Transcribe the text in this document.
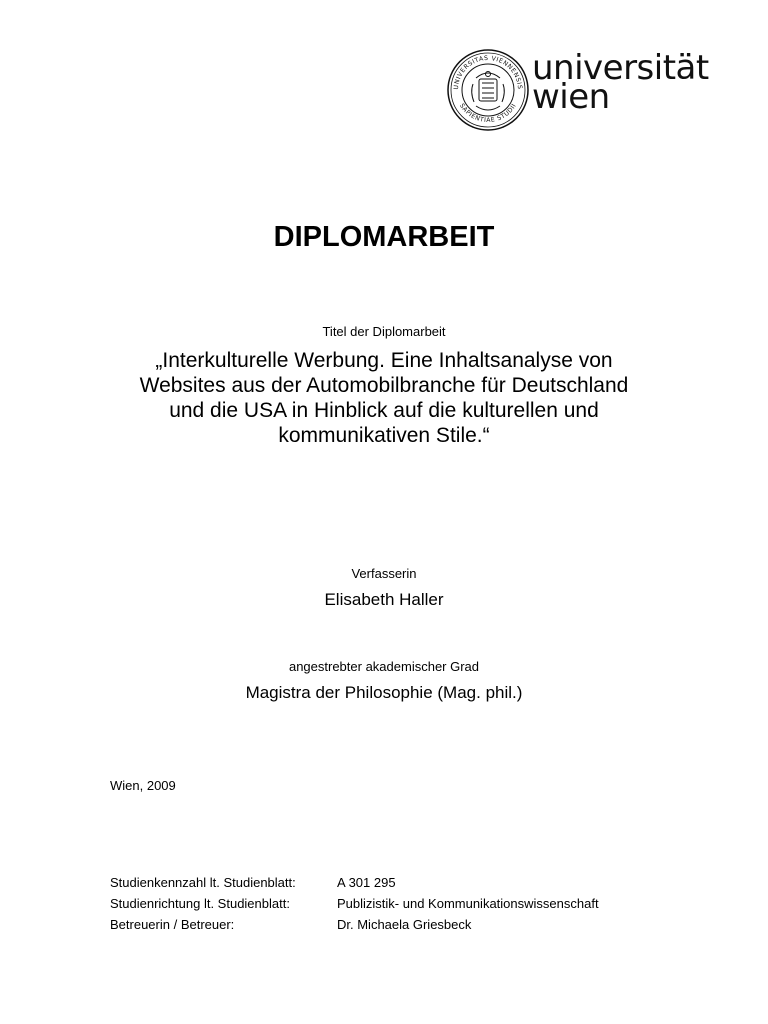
UNIVERSITAS VIENNENSIS
SAPIENTIAE STUDII
universität
wien
DIPLOMARBEIT
Titel der Diplomarbeit
„Interkulturelle Werbung. Eine Inhaltsanalyse von
Websites aus der Automobilbranche für Deutschland
und die USA in Hinblick auf die kulturellen und
kommunikativen Stile.“
Verfasserin
Elisabeth Haller
angestrebter akademischer Grad
Magistra der Philosophie (Mag. phil.)
Wien, 2009
Studienkennzahl lt. Studienblatt:	A 301 295
Studienrichtung lt. Studienblatt:	Publizistik- und Kommunikationswissenschaft
Betreuerin / Betreuer:	Dr. Michaela Griesbeck
